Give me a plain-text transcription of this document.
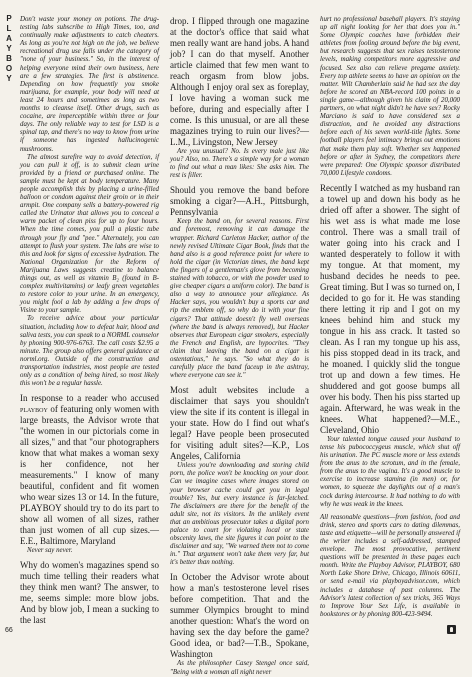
PLAYBOY
66

Don't waste your money on potions. The drug-testing labs subscribe to High Times, too, and continually make adjustments to catch cheaters. As long as you're not high on the job, we believe recreational drug use falls under the category of "none of your business." So, in the interest of helping everyone mind their own business, here are a few strategies. The first is abstinence. Depending on how frequently you smoke marijuana, for example, your body will need at least 24 hours and sometimes as long as two months to cleanse itself. Other drugs, such as cocaine, are imperceptible within three or four days. The only reliable way to test for LSD is a spinal tap, and there's no way to know from urine if someone has ingested hallucinogenic mushrooms.

The almost surefire way to avoid detection, if you can pull it off, is to submit clean urine provided by a friend or purchased online. The sample must be kept at body temperature. Many people accomplish this by placing a urine-filled balloon or condom against their groin or in their armpit. One company sells a battery-powered rig called the Urinator that allows you to conceal a warm packet of clean piss for up to four hours. When the time comes, you pull a plastic tube through your fly and "pee." Alternately, you can attempt to flush your system. The labs are wise to this and look for signs of excessive hydration. The National Organization for the Reform of Marijuana Laws suggests creatine to balance things out, as well as vitamin B₂ (found in B-complex multivitamins) or leafy green vegetables to restore color to your urine. In an emergency, you might fool a lab by adding a few drops of Visine to your sample.

To receive advice about your particular situation, including how to defeat hair, blood and saliva tests, you can speak to a NORML counselor by phoning 900-976-6763. The call costs $2.95 a minute. The group also offers general guidance at norml.org. Outside of the construction and transportation industries, most people are tested only as a condition of being hired, so most likely this won't be a regular hassle.

In response to a reader who accused playboy of featuring only women with large breasts, the Advisor wrote that "the women in our pictorials come in all sizes," and that "our photographers know that what makes a woman sexy is her confidence, not her measurements." I know of many beautiful, confident and fit women who wear sizes 13 or 14. In the future, PLAYBOY should try to do its part to show all women of all sizes, rather than just women of all cup sizes.—E.E., Baltimore, Maryland

Never say never.

Why do women's magazines spend so much time telling their readers what they think men want? The answer, to me, seems simple: more blow jobs. And by blow job, I mean a sucking to the last

drop. I flipped through one magazine at the doctor's office that said what men really want are hand jobs. A hand job? I can do that myself. Another article claimed that few men want to reach orgasm from blow jobs. Although I enjoy oral sex as foreplay, I love having a woman suck me before, during and especially after I come. Is this unusual, or are all these magazines trying to ruin our lives?—L.M., Livingston, New Jersey

Are you unusual? No. Is every male just like you? Also, no. There's a simple way for a woman to find out what a man likes: She asks him. The rest is filler.

Should you remove the band before smoking a cigar?—A.H., Pittsburgh, Pennsylvania

Keep the band on, for several reasons. First and foremost, removing it can damage the wrapper. Richard Carleton Hacker, author of the newly revised Ultimate Cigar Book, finds that the band also is a good reference point for where to hold the cigar (in Victorian times, the band kept the fingers of a gentleman's glove from becoming stained with tobacco, or with the powder used to give cheaper cigars a uniform color). The band is also a way to announce your allegiance. As Hacker says, you wouldn't buy a sports car and rip the emblem off, so why do it with your fine cigars? That attitude doesn't fly well overseas (where the band is always removed), but Hacker observes that European cigar smokers, especially the French and English, are hypocrites. "They claim that leaving the band on a cigar is ostentatious," he says. "So what they do is carefully place the band faceup in the ashtray, where everyone can see it."

Most adult websites include a disclaimer that says you shouldn't view the site if its content is illegal in your state. How do I find out what's legal? Have people been prosecuted for visiting adult sites?—K.P., Los Angeles, California

Unless you're downloading and storing child porn, the police won't be knocking on your door. Can we imagine cases where images stored on your browser cache could get you in legal trouble? Yes, but every instance is far-fetched. The disclaimers are there for the benefit of the adult site, not its visitors. In the unlikely event that an ambitious prosecutor takes a digital porn palace to court for violating local or state obscenity laws, the site figures it can point to the disclaimer and say, "We warned them not to come in." That argument won't take them very far, but it's better than nothing.

In October the Advisor wrote about how a man's testosterone level rises before competition. That and the summer Olympics brought to mind another question: What's the word on having sex the day before the game? Good idea, or bad?—T.B., Spokane, Washington

As the philosopher Casey Stengel once said, "Being with a woman all night never

hurt no professional baseball players. It's staying up all night looking for her that does you in." Some Olympic coaches have forbidden their athletes from fooling around before the big event, but research suggests that sex raises testosterone levels, making competitors more aggressive and focused. Sex also can relieve pregame anxiety. Every top athlete seems to have an opinion on the matter. Wilt Chamberlain said he had sex the day before he scored an NBA-record 100 points in a single game—although given his claim of 20,000 partners, on what night didn't he have sex? Rocky Marciano is said to have considered sex a distraction, and he avoided any distractions before each of his seven world-title fights. Some football players feel intimacy brings out emotions that make them play soft. Whether sex happened before or after in Sydney, the competitors there were prepared: One Olympic sponsor distributed 70,000 Lifestyle condoms.

Recently I watched as my husband ran a towel up and down his body as he dried off after a shower. The sight of his wet ass is what made me lose control. There was a small trail of water going into his crack and I wanted desperately to follow it with my tongue. At that moment, my husband decides he needs to pee. Great timing. But I was so turned on, I decided to go for it. He was standing there letting it rip and I got on my knees behind him and stuck my tongue in his ass crack. It tasted so clean. As I ran my tongue up his ass, his piss stopped dead in its track, and he moaned. I quickly slid the tongue trot up and down a few times. He shuddered and got goose bumps all over his body. Then his piss started up again. Afterward, he was weak in the knees. What happened?—M.E., Cleveland, Ohio

Your talented tongue caused your husband to tense his pubococcygeus muscle, which shut off his urination. The PC muscle more or less extends from the anus to the scrotum, and in the female, from the anus to the vagina. It's a good muscle to exercise to increase stamina (in men) or, for women, to squeeze the daylights out of a man's cock during intercourse. It had nothing to do with why he was weak in the knees.

All reasonable questions—from fashion, food and drink, stereo and sports cars to dating dilemmas, taste and etiquette—will be personally answered if the writer includes a self-addressed, stamped envelope. The most provocative, pertinent questions will be presented in these pages each month. Write the Playboy Advisor, PLAYBOY, 680 North Lake Shore Drive, Chicago, Illinois 60611, or send e-mail via playboyadvisor.com, which includes a database of past columns. The Advisor's latest collection of sex tricks, 365 Ways to Improve Your Sex Life, is available in bookstores or by phoning 800-423-9494.
